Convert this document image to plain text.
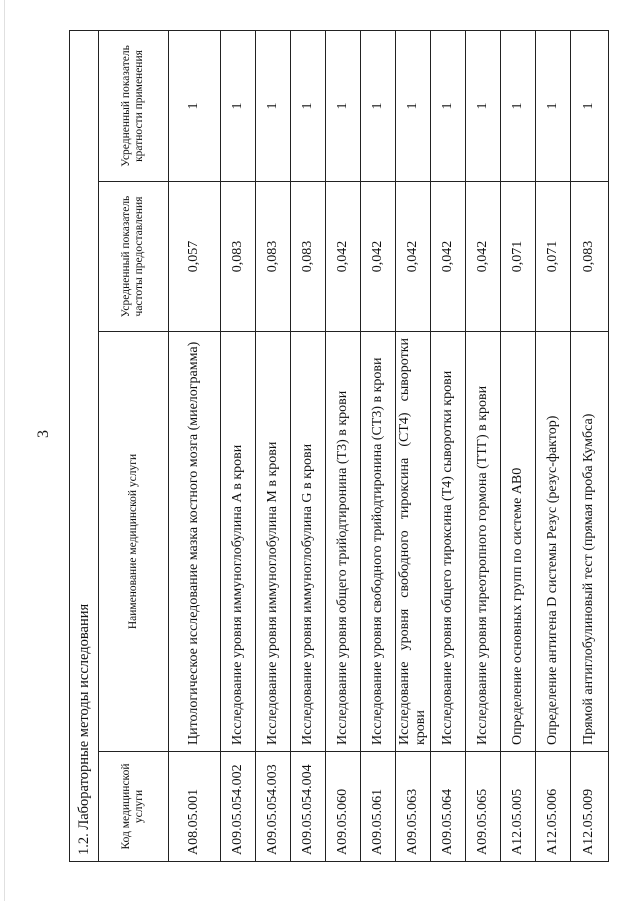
3
1.2. Лабораторные методы исследования			
Код медицинской услуги	Наименование медицинской услуги	Усредненный показатель частоты предоставления	Усредненный показатель кратности применения
A08.05.001	Цитологическое исследование мазка костного мозга (миелограмма)	0,057	1
A09.05.054.002	Исследование уровня иммуноглобулина A в крови	0,083	1
A09.05.054.003	Исследование уровня иммуноглобулина M в крови	0,083	1
A09.05.054.004	Исследование уровня иммуноглобулина G в крови	0,083	1
A09.05.060	Исследование уровня общего трийодтиронина (Т3) в крови	0,042	1
A09.05.061	Исследование уровня свободного трийодтиронина (СТ3) в крови	0,042	1
A09.05.063	Исследование уровня свободного тироксина (СТ4) сыворотки крови	0,042	1
A09.05.064	Исследование уровня общего тироксина (Т4) сыворотки крови	0,042	1
A09.05.065	Исследование уровня тиреотропного гормона (ТТГ) в крови	0,042	1
A12.05.005	Определение основных групп по системе AB0	0,071	1
A12.05.006	Определение антигена D системы Резус (резус-фактор)	0,071	1
A12.05.009	Прямой антиглобулиновый тест (прямая проба Кумбса)	0,083	1
